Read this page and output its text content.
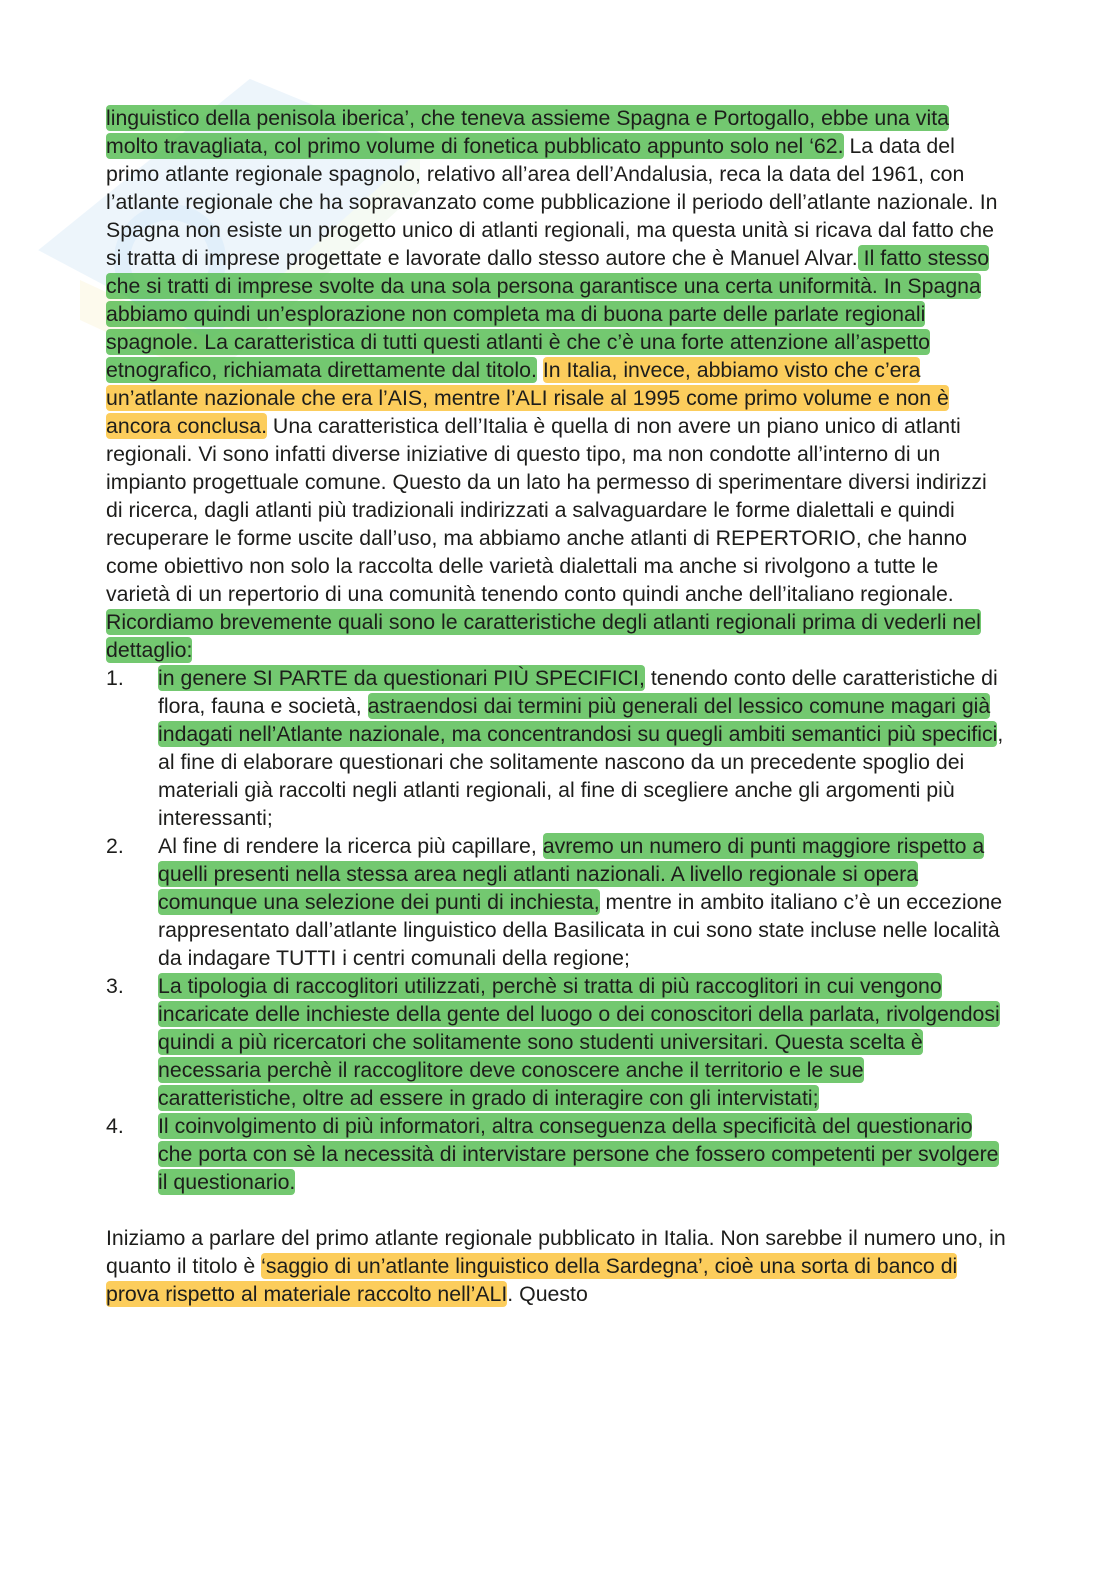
linguistico della penisola iberica’, che teneva assieme Spagna e Portogallo, ebbe una vita molto travagliata, col primo volume di fonetica pubblicato appunto solo nel ‘62. La data del primo atlante regionale spagnolo, relativo all’area dell’Andalusia, reca la data del 1961, con l’atlante regionale che ha sopravanzato come pubblicazione il periodo dell’atlante nazionale. In Spagna non esiste un progetto unico di atlanti regionali, ma questa unità si ricava dal fatto che si tratta di imprese progettate e lavorate dallo stesso autore che è Manuel Alvar. Il fatto stesso che si tratti di imprese svolte da una sola persona garantisce una certa uniformità. In Spagna abbiamo quindi un’esplorazione non completa ma di buona parte delle parlate regionali spagnole. La caratteristica di tutti questi atlanti è che c’è una forte attenzione all’aspetto etnografico, richiamata direttamente dal titolo. In Italia, invece, abbiamo visto che c’era un’atlante nazionale che era l’AIS, mentre l’ALI risale al 1995 come primo volume e non è ancora conclusa. Una caratteristica dell’Italia è quella di non avere un piano unico di atlanti regionali. Vi sono infatti diverse iniziative di questo tipo, ma non condotte all’interno di un impianto progettuale comune. Questo da un lato ha permesso di sperimentare diversi indirizzi di ricerca, dagli atlanti più tradizionali indirizzati a salvaguardare le forme dialettali e quindi recuperare le forme uscite dall’uso, ma abbiamo anche atlanti di REPERTORIO, che hanno come obiettivo non solo la raccolta delle varietà dialettali ma anche si rivolgono a tutte le varietà di un repertorio di una comunità tenendo conto quindi anche dell’italiano regionale.

Ricordiamo brevemente quali sono le caratteristiche degli atlanti regionali prima di vederli nel dettaglio:

1. in genere SI PARTE da questionari PIÙ SPECIFICI, tenendo conto delle caratteristiche di flora, fauna e società, astraendosi dai termini più generali del lessico comune magari già indagati nell’Atlante nazionale, ma concentrandosi su quegli ambiti semantici più specifici, al fine di elaborare questionari che solitamente nascono da un precedente spoglio dei materiali già raccolti negli atlanti regionali, al fine di scegliere anche gli argomenti più interessanti;
2. Al fine di rendere la ricerca più capillare, avremo un numero di punti maggiore rispetto a quelli presenti nella stessa area negli atlanti nazionali. A livello regionale si opera comunque una selezione dei punti di inchiesta, mentre in ambito italiano c’è un eccezione rappresentato dall’atlante linguistico della Basilicata in cui sono state incluse nelle località da indagare TUTTI i centri comunali della regione;
3. La tipologia di raccoglitori utilizzati, perchè si tratta di più raccoglitori in cui vengono incaricate delle inchieste della gente del luogo o dei conoscitori della parlata, rivolgendosi quindi a più ricercatori che solitamente sono studenti universitari. Questa scelta è necessaria perchè il raccoglitore deve conoscere anche il territorio e le sue caratteristiche, oltre ad essere in grado di interagire con gli intervistati;
4. Il coinvolgimento di più informatori, altra conseguenza della specificità del questionario che porta con sè la necessità di intervistare persone che fossero competenti per svolgere il questionario.

Iniziamo a parlare del primo atlante regionale pubblicato in Italia. Non sarebbe il numero uno, in quanto il titolo è ‘saggio di un’atlante linguistico della Sardegna’, cioè una sorta di banco di prova rispetto al materiale raccolto nell’ALI. Questo
